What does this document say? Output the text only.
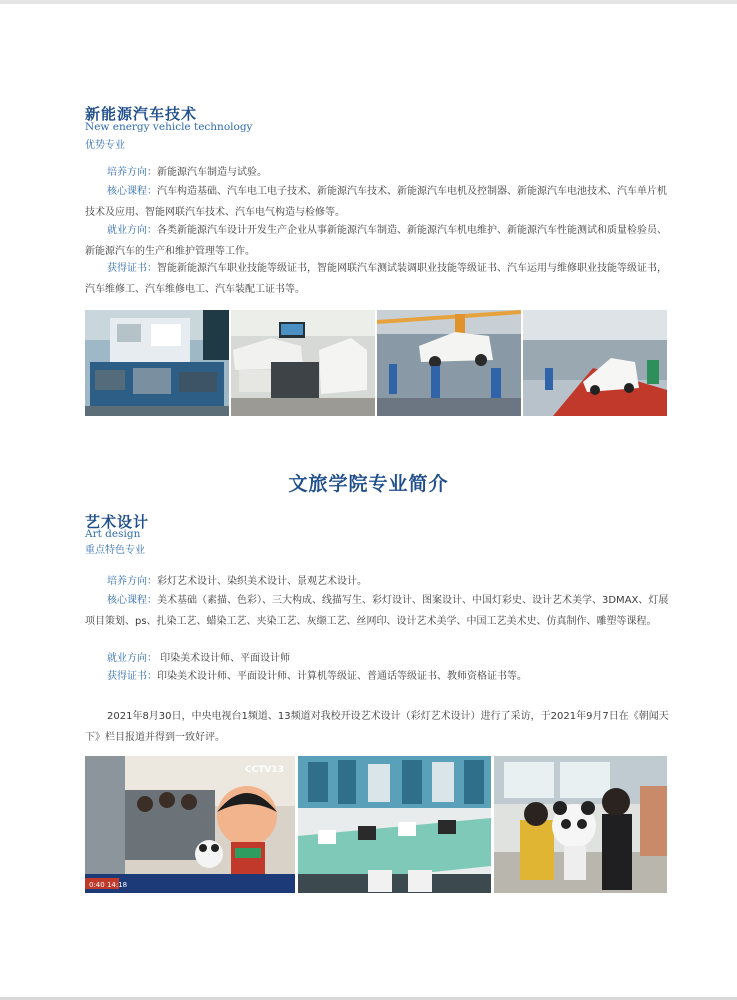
新能源汽车技术
New energy vehicle technology
优势专业
培养方向：新能源汽车制造与试验。
核心课程：汽车构造基础、汽车电工电子技术、新能源汽车技术、新能源汽车电机及控制器、新能源汽车电池技术、汽车单片机技术及应用、智能网联汽车技术、汽车电气构造与检修等。
就业方向：各类新能源汽车设计开发生产企业从事新能源汽车制造、新能源汽车机电维护、新能源汽车性能测试和质量检验员、新能源汽车的生产和维护管理等工作。
获得证书：智能新能源汽车职业技能等级证书，智能网联汽车测试装调职业技能等级证书、汽车运用与维修职业技能等级证书，汽车维修工、汽车维修电工、汽车装配工证书等。
文旅学院专业简介
艺术设计
Art design
重点特色专业
培养方向：彩灯艺术设计、染织美术设计、景观艺术设计。
核心课程：美术基础（素描、色彩）、三大构成、线描写生、彩灯设计、图案设计、中国灯彩史、设计艺术美学、3DMAX、灯展项目策划、ps、扎染工艺、蜡染工艺、夹染工艺、灰缬工艺、丝网印、设计艺术美学、中国工艺美术史、仿真制作、雕塑等课程。
就业方向： 印染美术设计师、平面设计师
获得证书：印染美术设计师、平面设计师、计算机等级证、普通话等级证书、教师资格证书等。
2021年8月30日，中央电视台1频道、13频道对我校开设艺术设计（彩灯艺术设计）进行了采访，于2021年9月7日在《朝闻天下》栏目报道并得到一致好评。
0:40 14:18
CCTV13
